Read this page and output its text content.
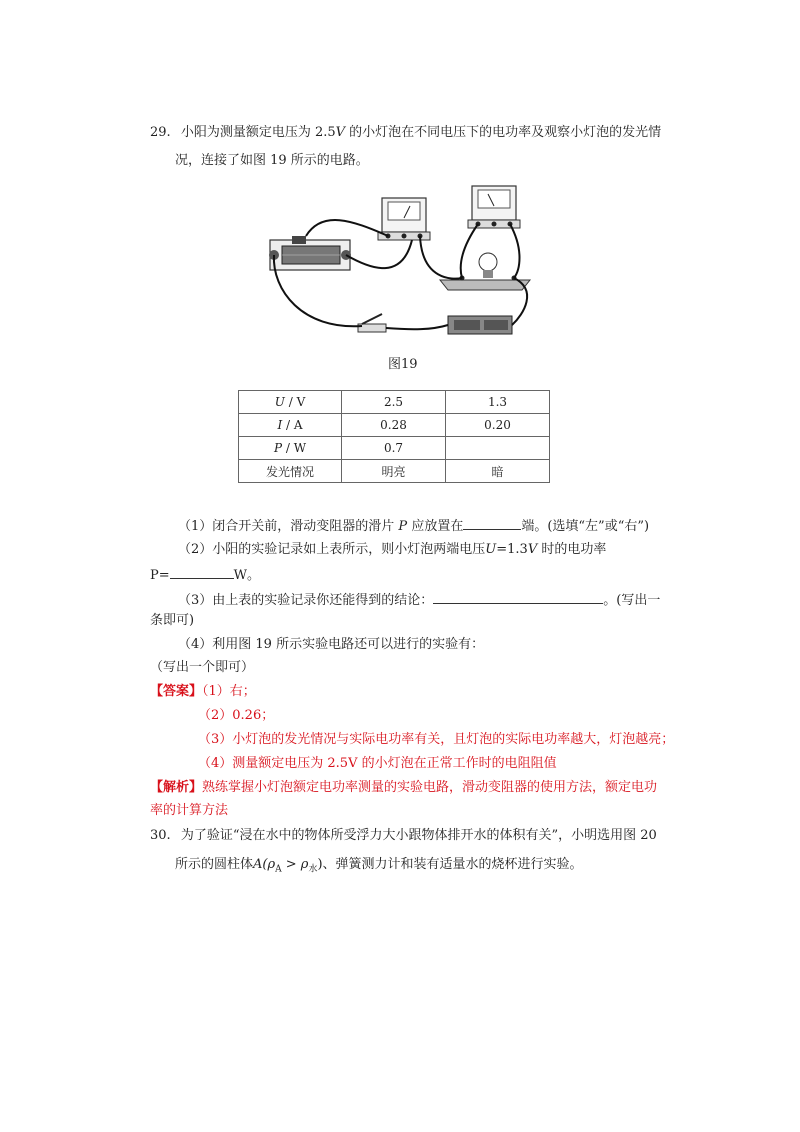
29. 小阳为测量额定电压为 2.5V 的小灯泡在不同电压下的电功率及观察小灯泡的发光情
况，连接了如图 19 所示的电路。
图19
U / V	2.5	1.3
I / A	0.28	0.20
P / W	0.7	
发光情况	明亮	暗
（1）闭合开关前，滑动变阻器的滑片 P 应放置在	端。(选填“左”或“右”)
（2）小阳的实验记录如上表所示，则小灯泡两端电压U=1.3V 时的电功率
P=	W。
（3）由上表的实验记录你还能得到的结论：	。(写出一
条即可)
（4）利用图 19 所示实验电路还可以进行的实验有：
（写出一个即可）
【答案】（1）右；
（2）0.26；
（3）小灯泡的发光情况与实际电功率有关，且灯泡的实际电功率越大，灯泡越亮；
（4）测量额定电压为 2.5V 的小灯泡在正常工作时的电阻阻值
【解析】熟练掌握小灯泡额定电功率测量的实验电路，滑动变阻器的使用方法，额定电功
率的计算方法
30. 为了验证“浸在水中的物体所受浮力大小跟物体排开水的体积有关”，小明选用图 20
所示的圆柱体$A(\rho_A > \rho_水)$、弹簧测力计和装有适量水的烧杯进行实验。
